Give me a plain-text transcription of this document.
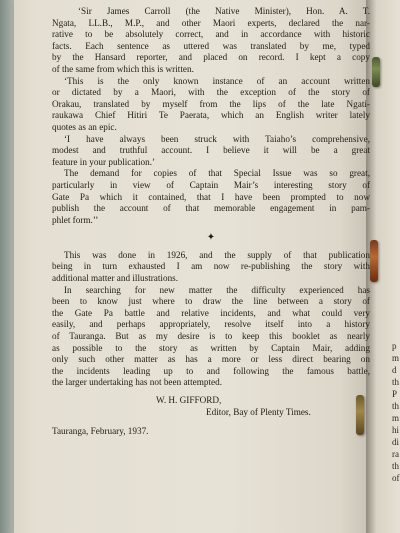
p
m
d
th
P
th
m
hi
di
ra
th
of
‘Sir James Carroll (the Native Minister), Hon. A. T.
Ngata, LL.B., M.P., and other Maori experts, declared the nar-
rative to be absolutely correct, and in accordance with historic
facts. Each sentence as uttered was translated by me, typed
by the Hansard reporter, and placed on record. I kept a copy
of the same from which this is written.
‘This is the only known instance of an account written
or dictated by a Maori, with the exception of the story of
Orakau, translated by myself from the lips of the late Ngati-
raukawa Chief Hitiri Te Paerata, which an English writer lately
quotes as an epic.
‘I have always been struck with Taiaho’s comprehensive,
modest and truthful account. I believe it will be a great
feature in your publication.’
The demand for copies of that Special Issue was so great,
particularly in view of Captain Mair’s interesting story of
Gate Pa which it contained, that I have been prompted to now
publish the account of that memorable engagement in pam-
phlet form.’’
✦
This was done in 1926, and the supply of that publication
being in turn exhausted I am now re-publishing the story with
additional matter and illustrations.
In searching for new matter the difficulty experienced has
been to know just where to draw the line between a story of
the Gate Pa battle and relative incidents, and what could very
easily, and perhaps appropriately, resolve itself into a history
of Tauranga. But as my desire is to keep this booklet as nearly
as possible to the story as written by Captain Mair, adding
only such other matter as has a more or less direct bearing on
the incidents leading up to and following the famous battle,
the larger undertaking has not been attempted.
W. H. GIFFORD,
Editor, Bay of Plenty Times.
Tauranga, February, 1937.
